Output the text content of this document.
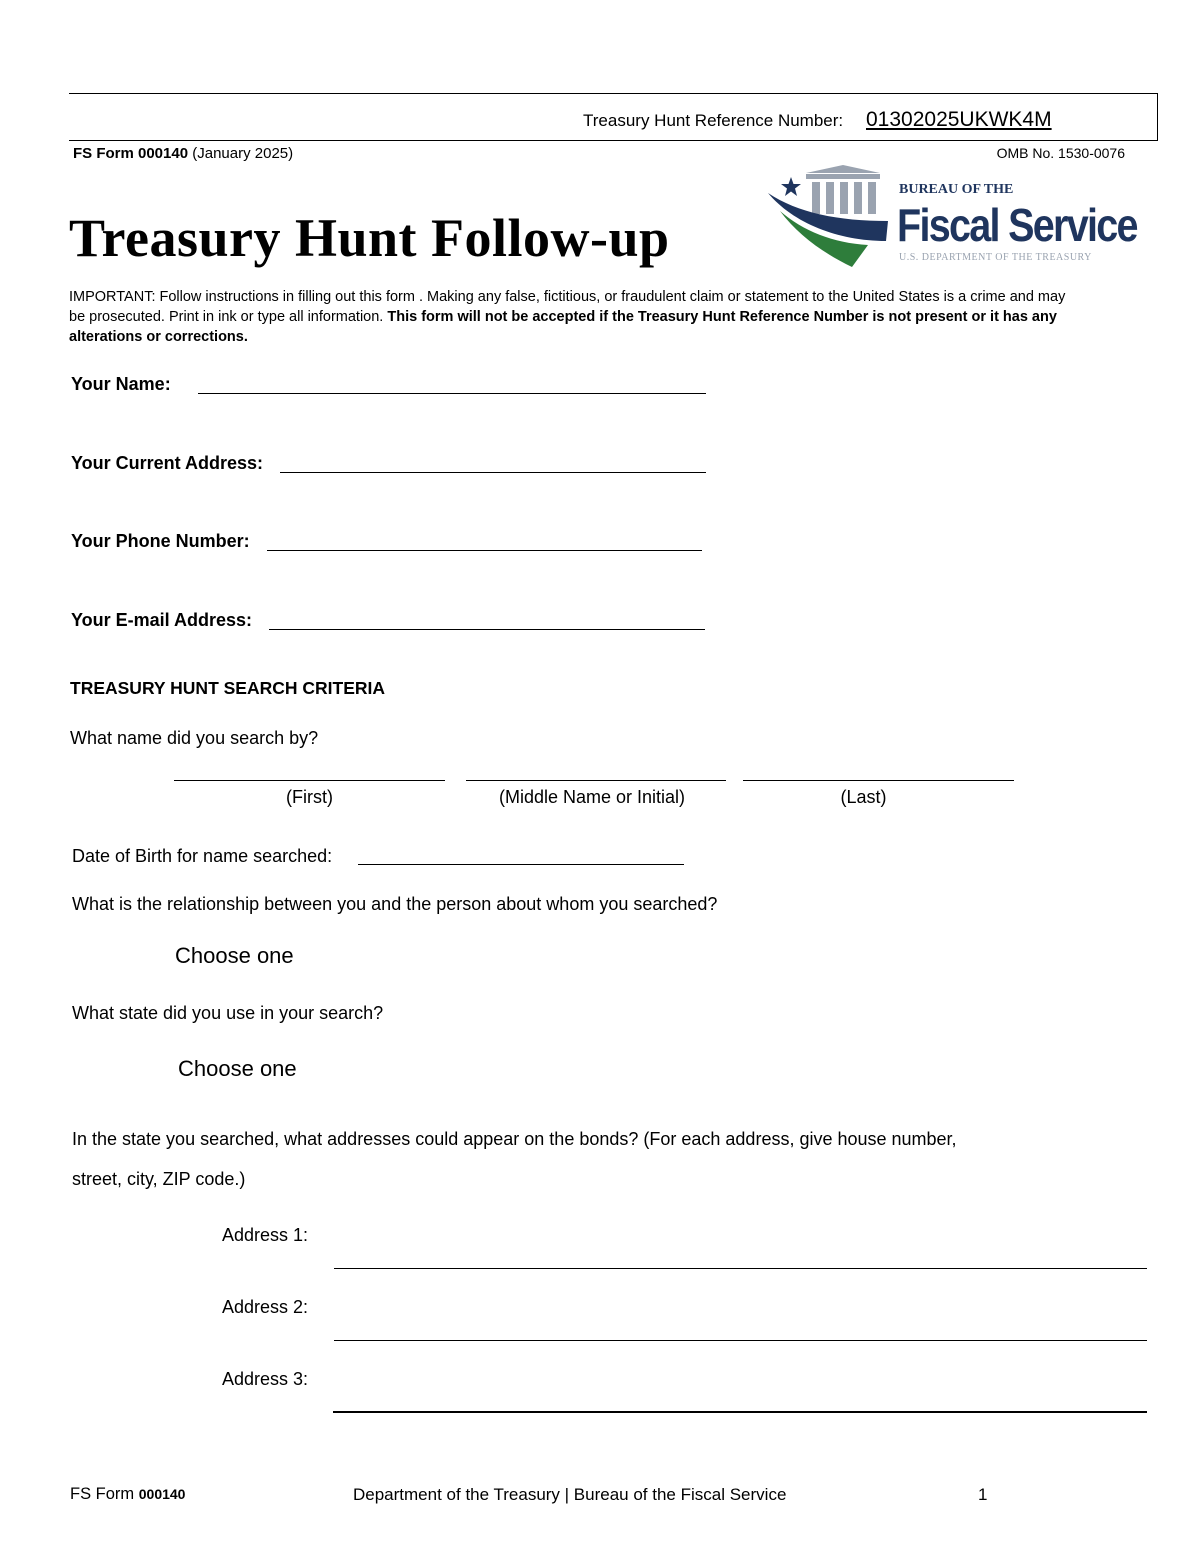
Treasury Hunt Reference Number: 01302025UKWK4M
FS Form 000140 (January 2025)	OMB No. 1530-0076
Treasury Hunt Follow-up
BUREAU OF THE
Fiscal Service
U.S. DEPARTMENT OF THE TREASURY
IMPORTANT: Follow instructions in filling out this form . Making any false, fictitious, or fraudulent claim or statement to the United States is a crime and may be prosecuted. Print in ink or type all information. This form will not be accepted if the Treasury Hunt Reference Number is not present or it has any alterations or corrections.
Your Name:
Your Current Address:
Your Phone Number:
Your E-mail Address:
TREASURY HUNT SEARCH CRITERIA
What name did you search by?
(First)	(Middle Name or Initial)	(Last)
Date of Birth for name searched:
What is the relationship between you and the person about whom you searched?
Choose one
What state did you use in your search?
Choose one
In the state you searched, what addresses could appear on the bonds? (For each address, give house number,
street, city, ZIP code.)
Address 1:
Address 2:
Address 3:
FS Form 000140	Department of the Treasury | Bureau of the Fiscal Service	1
